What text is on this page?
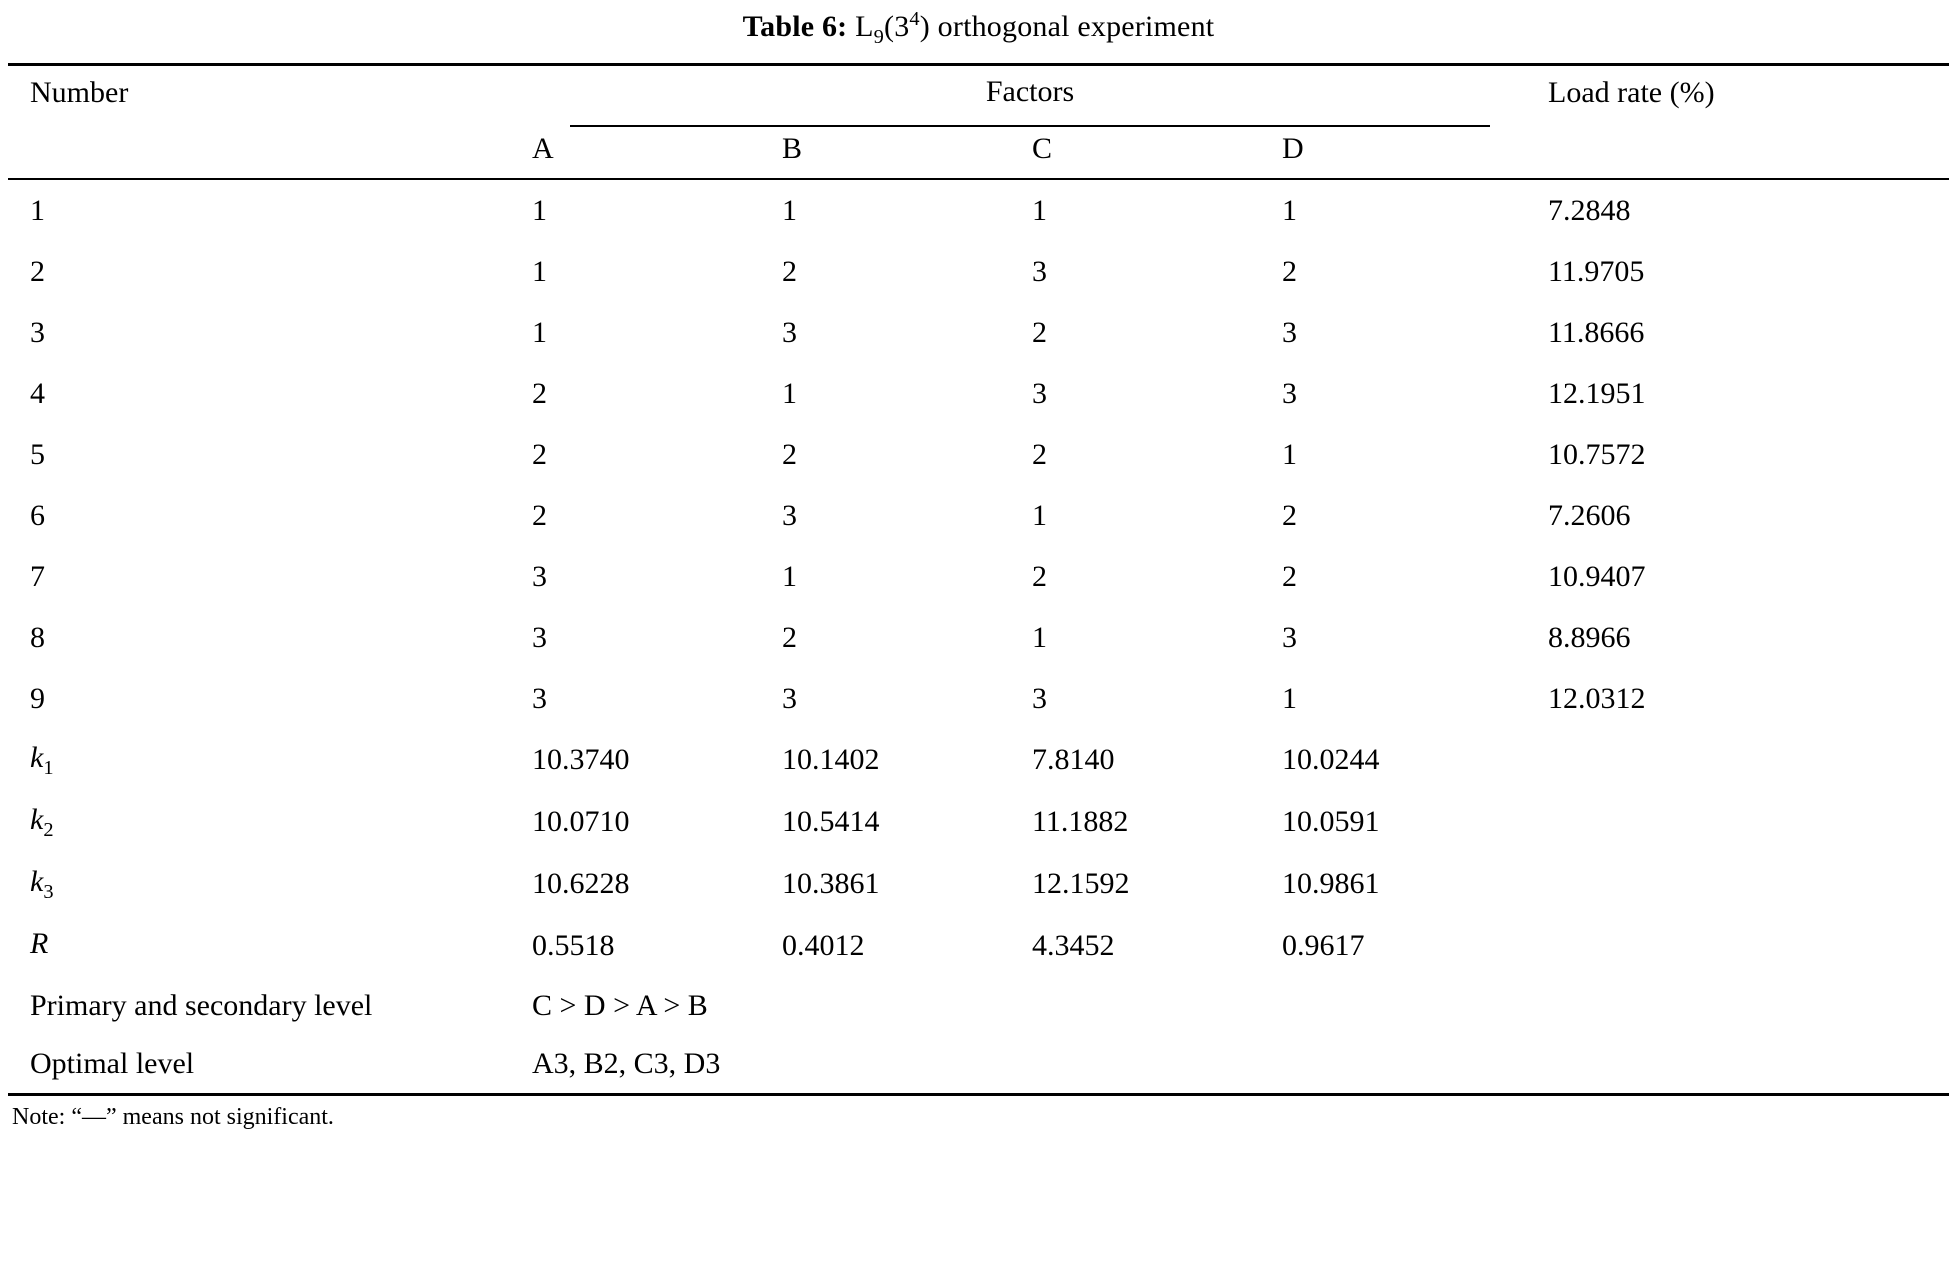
Table 6: $L_9(3^4)$ orthogonal experiment
Number	Factors				Load rate (%)
	A	B	C	D	
1	1	1	1	1	7.2848
2	1	2	3	2	11.9705
3	1	3	2	3	11.8666
4	2	1	3	3	12.1951
5	2	2	2	1	10.7572
6	2	3	1	2	7.2606
7	3	1	2	2	10.9407
8	3	2	1	3	8.8966
9	3	3	3	1	12.0312
$k_1$	10.3740	10.1402	7.8140	10.0244	
$k_2$	10.0710	10.5414	11.1882	10.0591	
$k_3$	10.6228	10.3861	12.1592	10.9861	
R	0.5518	0.4012	4.3452	0.9617	
Primary and secondary level	C > D > A > B				
Optimal level	A3, B2, C3, D3				
Note: “—” means not significant.
